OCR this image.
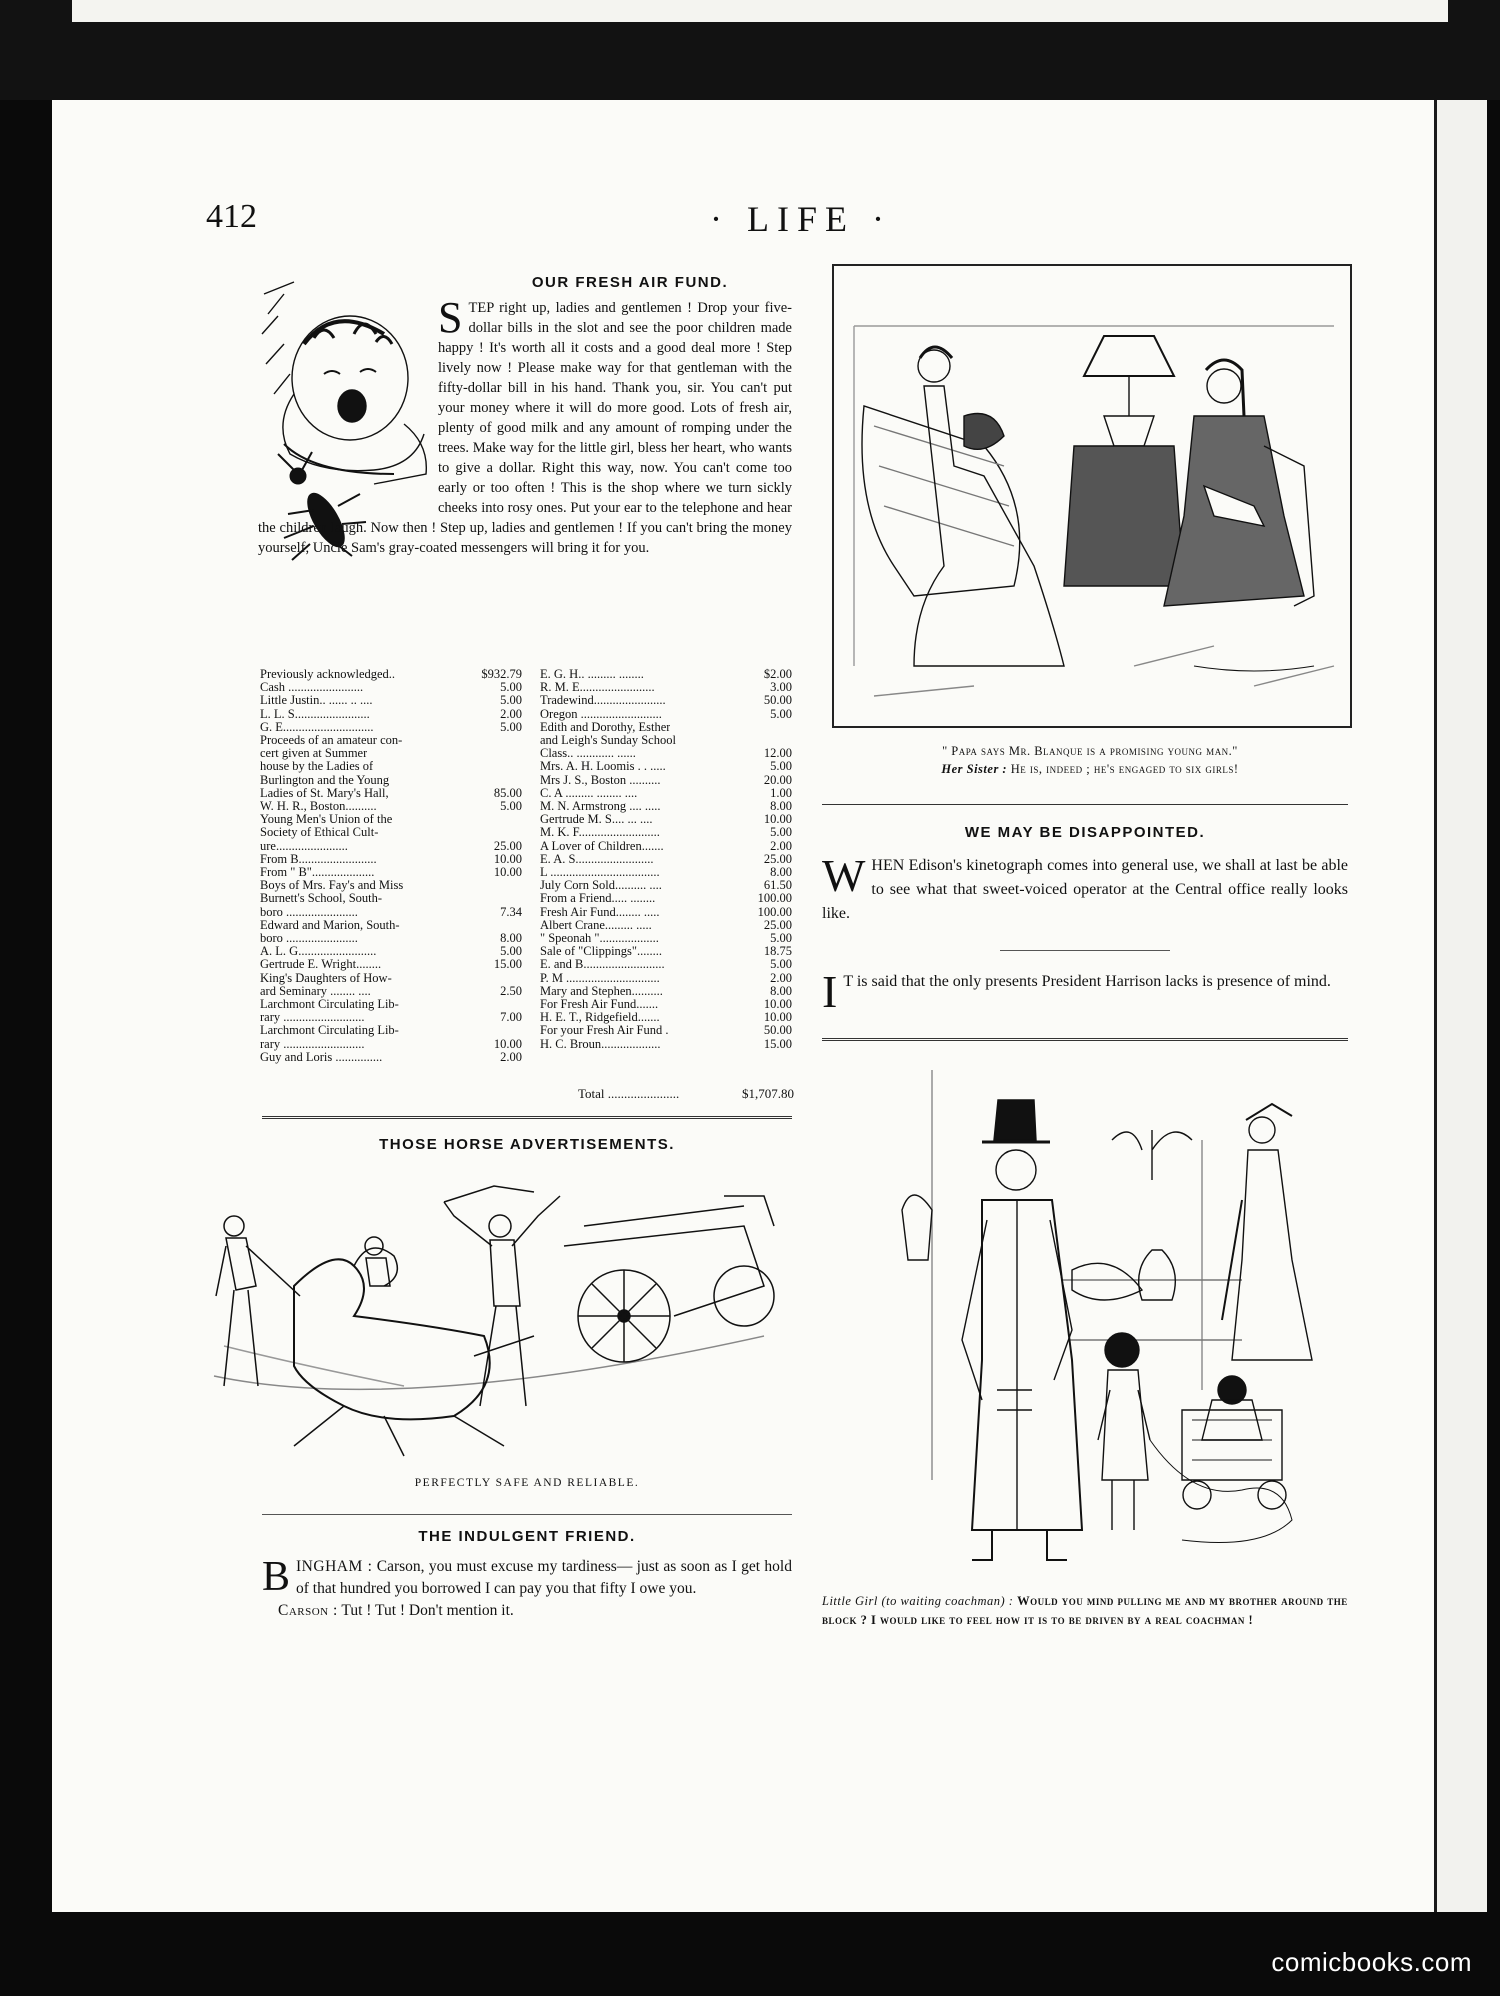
412	· LIFE ·
OUR FRESH AIR FUND.

STEP right up, ladies and gentlemen ! Drop your five-dollar bills in the slot and see the poor children made happy ! It's worth all it costs and a good deal more ! Step lively now ! Please make way for that gentleman with the fifty-dollar bill in his hand. Thank you, sir. You can't put your money where it will do more good. Lots of fresh air, plenty of good milk and any amount of romping under the trees. Make way for the little girl, bless her heart, who wants to give a dollar. Right this way, now. You can't come too early or too often ! This is the shop where we turn sickly cheeks into rosy ones. Put your ear to the telephone and hear the children laugh. Now then ! Step up, ladies and gentlemen ! If you can't bring the money yourself, Uncle Sam's gray-coated messengers will bring it for you.

Previously acknowledged..	$932.79
Cash ........................	5.00
Little Justin.. ...... .. ....	5.00
L. L. S........................	2.00
G. E.............................	5.00
Proceeds of an amateur con-
cert given at Summer
house by the Ladies of
Burlington and the Young
Ladies of St. Mary's Hall,	85.00
W. H. R., Boston..........	5.00
Young Men's Union of the
Society of Ethical Cult-
ure.......................	25.00
From B.........................	10.00
From " B"....................	10.00
Boys of Mrs. Fay's and Miss
Burnett's School, South-
boro .......................	7.34
Edward and Marion, South-
boro .......................	8.00
A. L. G.........................	5.00
Gertrude E. Wright........	15.00
King's Daughters of How-
ard Seminary ........ ....	2.50
Larchmont Circulating Lib-
rary ..........................	7.00
Larchmont Circulating Lib-
rary ..........................	10.00
Guy and Loris ...............	2.00
E. G. H.. ......... ........	$2.00
R. M. E........................	3.00
Tradewind.......................	50.00
Oregon ..........................	5.00
Edith and Dorothy, Esther
and Leigh's Sunday School
Class.. ............ ......	12.00
Mrs. A. H. Loomis . . .....	5.00
Mrs J. S., Boston ..........	20.00
C. A ......... ........ ....	1.00
M. N. Armstrong .... .....	8.00
Gertrude M. S.... ... ....	10.00
M. K. F..........................	5.00
A Lover of Children.......	2.00
E. A. S.........................	25.00
L ...................................	8.00
July Corn Sold.......... ....	61.50
From a Friend..... ........	100.00
Fresh Air Fund........ .....	100.00
Albert Crane......... .....	25.00
" Speonah "...................	5.00
Sale of "Clippings"........	18.75
E. and B..........................	5.00
P. M ..............................	2.00
Mary and Stephen..........	8.00
For Fresh Air Fund.......	10.00
H. E. T., Ridgefield.......	10.00
For your Fresh Air Fund .	50.00
H. C. Broun...................	15.00
Total ......................	$1,707.80
THOSE HORSE ADVERTISEMENTS.
PERFECTLY SAFE AND RELIABLE.
THE INDULGENT FRIEND.

BINGHAM : Carson, you must excuse my tardiness— just as soon as I get hold of that hundred you borrowed I can pay you that fifty I owe you.

Carson : Tut ! Tut ! Don't mention it.

" Papa says Mr. Blanque is a promising young man."
Her Sister : He is, indeed ; he's engaged to six girls!
WE MAY BE DISAPPOINTED.

WHEN Edison's kinetograph comes into general use, we shall at last be able to see what that sweet-voiced operator at the Central office really looks like.

I T is said that the only presents President Harrison lacks is presence of mind.

Little Girl (to waiting coachman) : Would you mind pulling me and my brother around the block ? I would like to feel how it is to be driven by a real coachman !
comicbooks.com
